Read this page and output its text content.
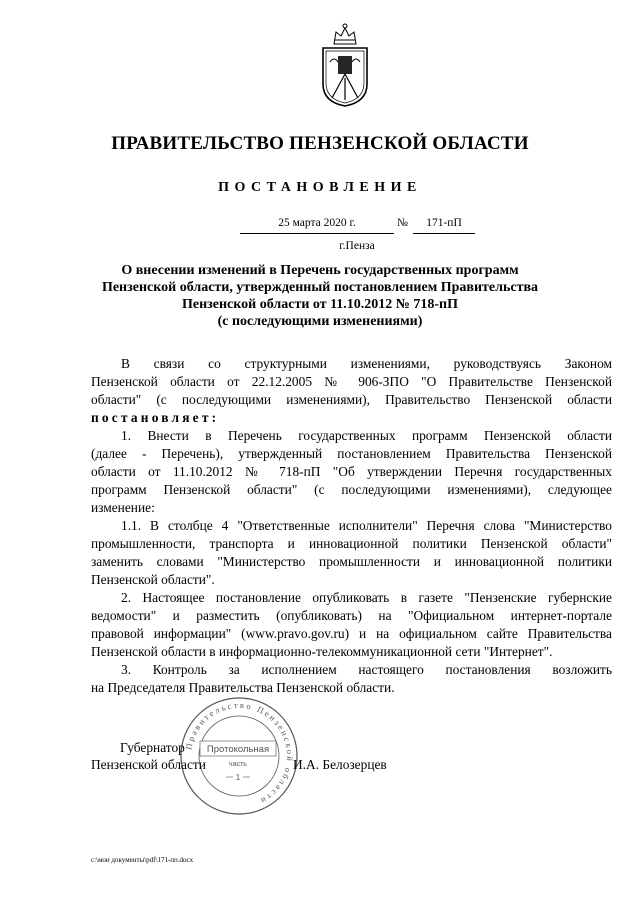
ПРАВИТЕЛЬСТВО ПЕНЗЕНСКОЙ ОБЛАСТИ
ПОСТАНОВЛЕНИЕ
25 марта 2020 г.	№	171-пП
г.Пенза
О внесении изменений в Перечень государственных программ
Пензенской области, утвержденный постановлением Правительства
Пензенской области от 11.10.2012 № 718-пП
(с последующими изменениями)
В связи со структурными изменениями, руководствуясь Законом
Пензенской области от 22.12.2005 № 906-ЗПО "О Правительстве Пензенской
области" (с последующими изменениями), Правительство Пензенской области
постановляет:
1. Внести в Перечень государственных программ Пензенской области
(далее - Перечень), утвержденный постановлением Правительства Пензенской
области от 11.10.2012 № 718-пП "Об утверждении Перечня государственных
программ Пензенской области" (с последующими изменениями), следующее
изменение:
1.1. В столбце 4 "Ответственные исполнители" Перечня слова "Министерство
промышленности, транспорта и инновационной политики Пензенской области"
заменить словами "Министерство промышленности и инновационной политики
Пензенской области".
2. Настоящее постановление опубликовать в газете "Пензенские губернские
ведомости" и разместить (опубликовать) на "Официальном интернет-портале
правовой информации" (www.pravo.gov.ru) и на официальном сайте Правительства
Пензенской области в информационно-телекоммуникационной сети "Интернет".
3. Контроль за исполнением настоящего постановления возложить
на Председателя Правительства Пензенской области.
Правительство Пензенской области
Протокольная
часть
1
Губернатор
Пензенской области	И.А. Белозерцев
c:\мои документы\pdf\171-пп.docx
